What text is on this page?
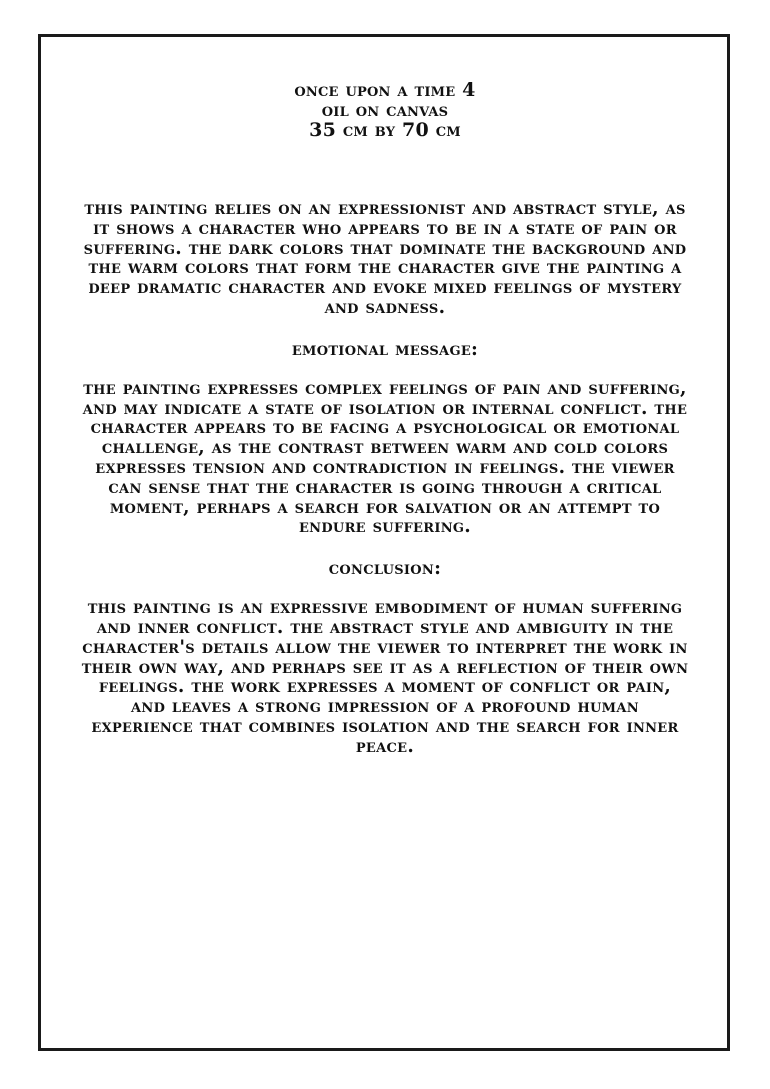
once upon a time 4
oil on canvas
35 cm by 70 cm

this painting relies on an expressionist and abstract style, as it shows a character who appears to be in a state of pain or suffering. the dark colors that dominate the background and the warm colors that form the character give the painting a deep dramatic character and evoke mixed feelings of mystery and sadness.

emotional message:

the painting expresses complex feelings of pain and suffering, and may indicate a state of isolation or internal conflict. the character appears to be facing a psychological or emotional challenge, as the contrast between warm and cold colors expresses tension and contradiction in feelings. the viewer can sense that the character is going through a critical moment, perhaps a search for salvation or an attempt to endure suffering.

conclusion:

this painting is an expressive embodiment of human suffering and inner conflict. the abstract style and ambiguity in the character's details allow the viewer to interpret the work in their own way, and perhaps see it as a reflection of their own feelings. the work expresses a moment of conflict or pain, and leaves a strong impression of a profound human experience that combines isolation and the search for inner peace.
